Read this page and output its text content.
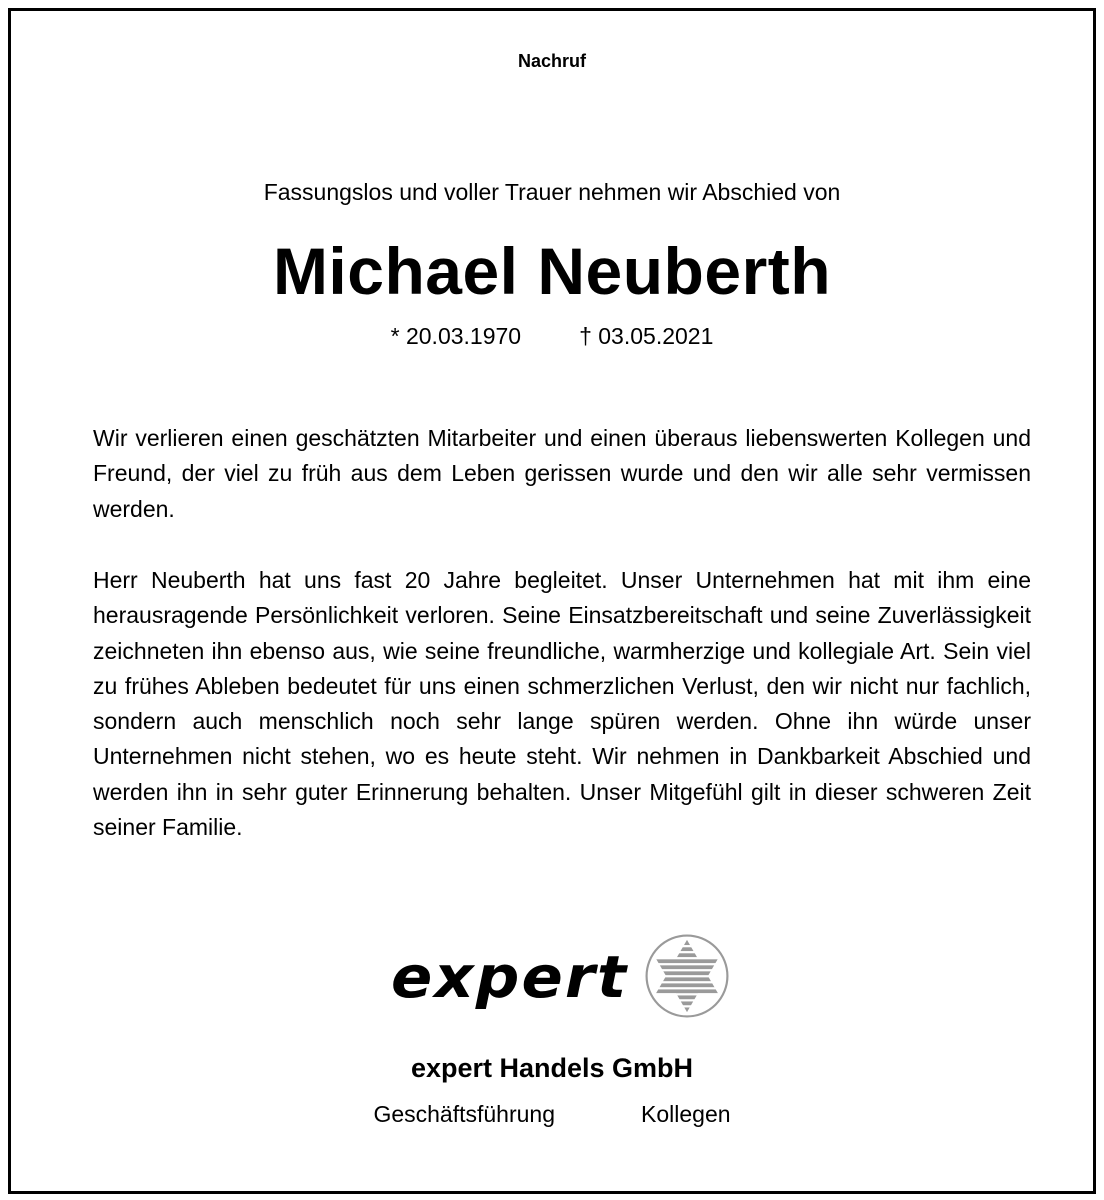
Nachruf
Fassungslos und voller Trauer nehmen wir Abschied von
Michael Neuberth
* 20.03.1970	† 03.05.2021
Wir verlieren einen geschätzten Mitarbeiter und einen überaus liebenswerten Kollegen und Freund, der viel zu früh aus dem Leben gerissen wurde und den wir alle sehr vermissen werden.
Herr Neuberth hat uns fast 20 Jahre begleitet. Unser Unternehmen hat mit ihm eine herausragende Persönlichkeit verloren. Seine Einsatzbereitschaft und seine Zuverlässigkeit zeichneten ihn ebenso aus, wie seine freundliche, warmherzige und kollegiale Art. Sein viel zu frühes Ableben bedeutet für uns einen schmerzlichen Verlust, den wir nicht nur fachlich, sondern auch menschlich noch sehr lange spüren werden. Ohne ihn würde unser Unternehmen nicht stehen, wo es heute steht. Wir nehmen in Dankbarkeit Abschied und werden ihn in sehr guter Erinnerung behalten. Unser Mitgefühl gilt in dieser schweren Zeit seiner Familie.
expert
expert Handels GmbH
Geschäftsführung	Kollegen
